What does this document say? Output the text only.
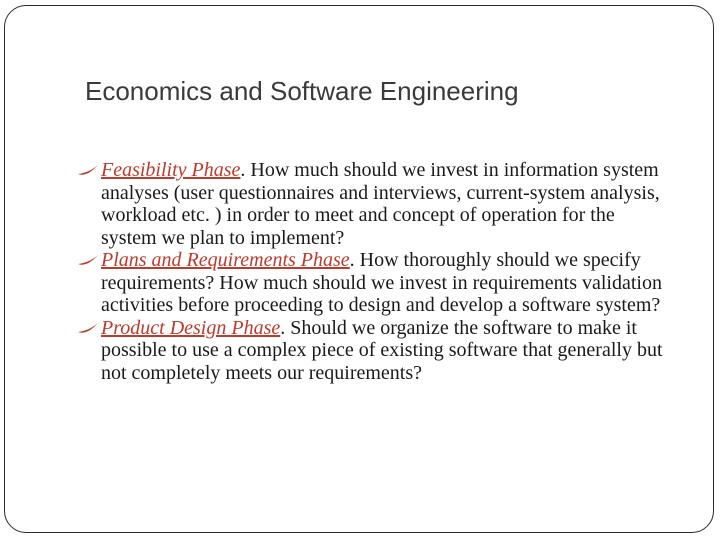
Economics and Software Engineering
Feasibility Phase. How much should we invest in information system analyses (user questionnaires and interviews, current-system analysis, workload etc. ) in order to meet and concept of operation for the system we plan to implement?
Plans and Requirements Phase. How thoroughly should we specify requirements? How much should we invest in requirements validation activities before proceeding to design and develop a software system?
Product Design Phase. Should we organize the software to make it possible to use a complex piece of existing software that generally but not completely meets our requirements?
